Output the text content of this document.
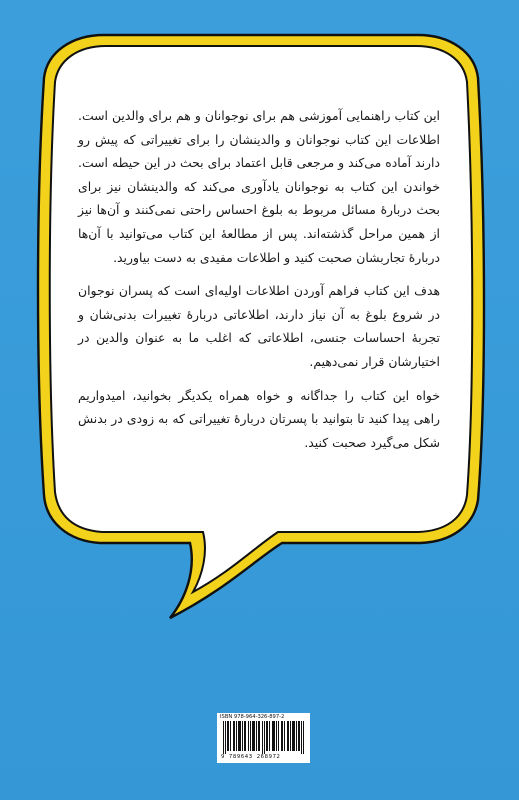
این کتاب راهنمایی آموزشی هم برای نوجوانان و هم برای والدین است. اطلاعات این کتاب نوجوانان و والدینشان را برای تغییراتی که پیش رو دارند آماده می‌کند و مرجعی قابل اعتماد برای بحث در این حیطه است. خواندن این کتاب به نوجوانان یادآوری می‌کند که والدینشان نیز برای بحث دربارهٔ مسائل مربوط به بلوغ احساس راحتی نمی‌کنند و آن‌ها نیز از همین مراحل گذشته‌اند. پس از مطالعهٔ این کتاب می‌توانید با آن‌ها دربارهٔ تجاربشان صحبت کنید و اطلاعات مفیدی به دست بیاورید.

هدف این کتاب فراهم آوردن اطلاعات اولیه‌ای است که پسران نوجوان در شروع بلوغ به آن نیاز دارند، اطلاعاتی دربارهٔ تغییرات بدنی‌شان و تجربهٔ احساسات جنسی، اطلاعاتی که اغلب ما به عنوان والدین در اختیارشان قرار نمی‌دهیم.

خواه این کتاب را جداگانه و خواه همراه یکدیگر بخوانید، امیدواریم راهی پیدا کنید تا بتوانید با پسرتان دربارهٔ تغییراتی که به زودی در بدنش شکل می‌گیرد صحبت کنید.

ISBN 978-964-326-897-2
9 789643 268972
